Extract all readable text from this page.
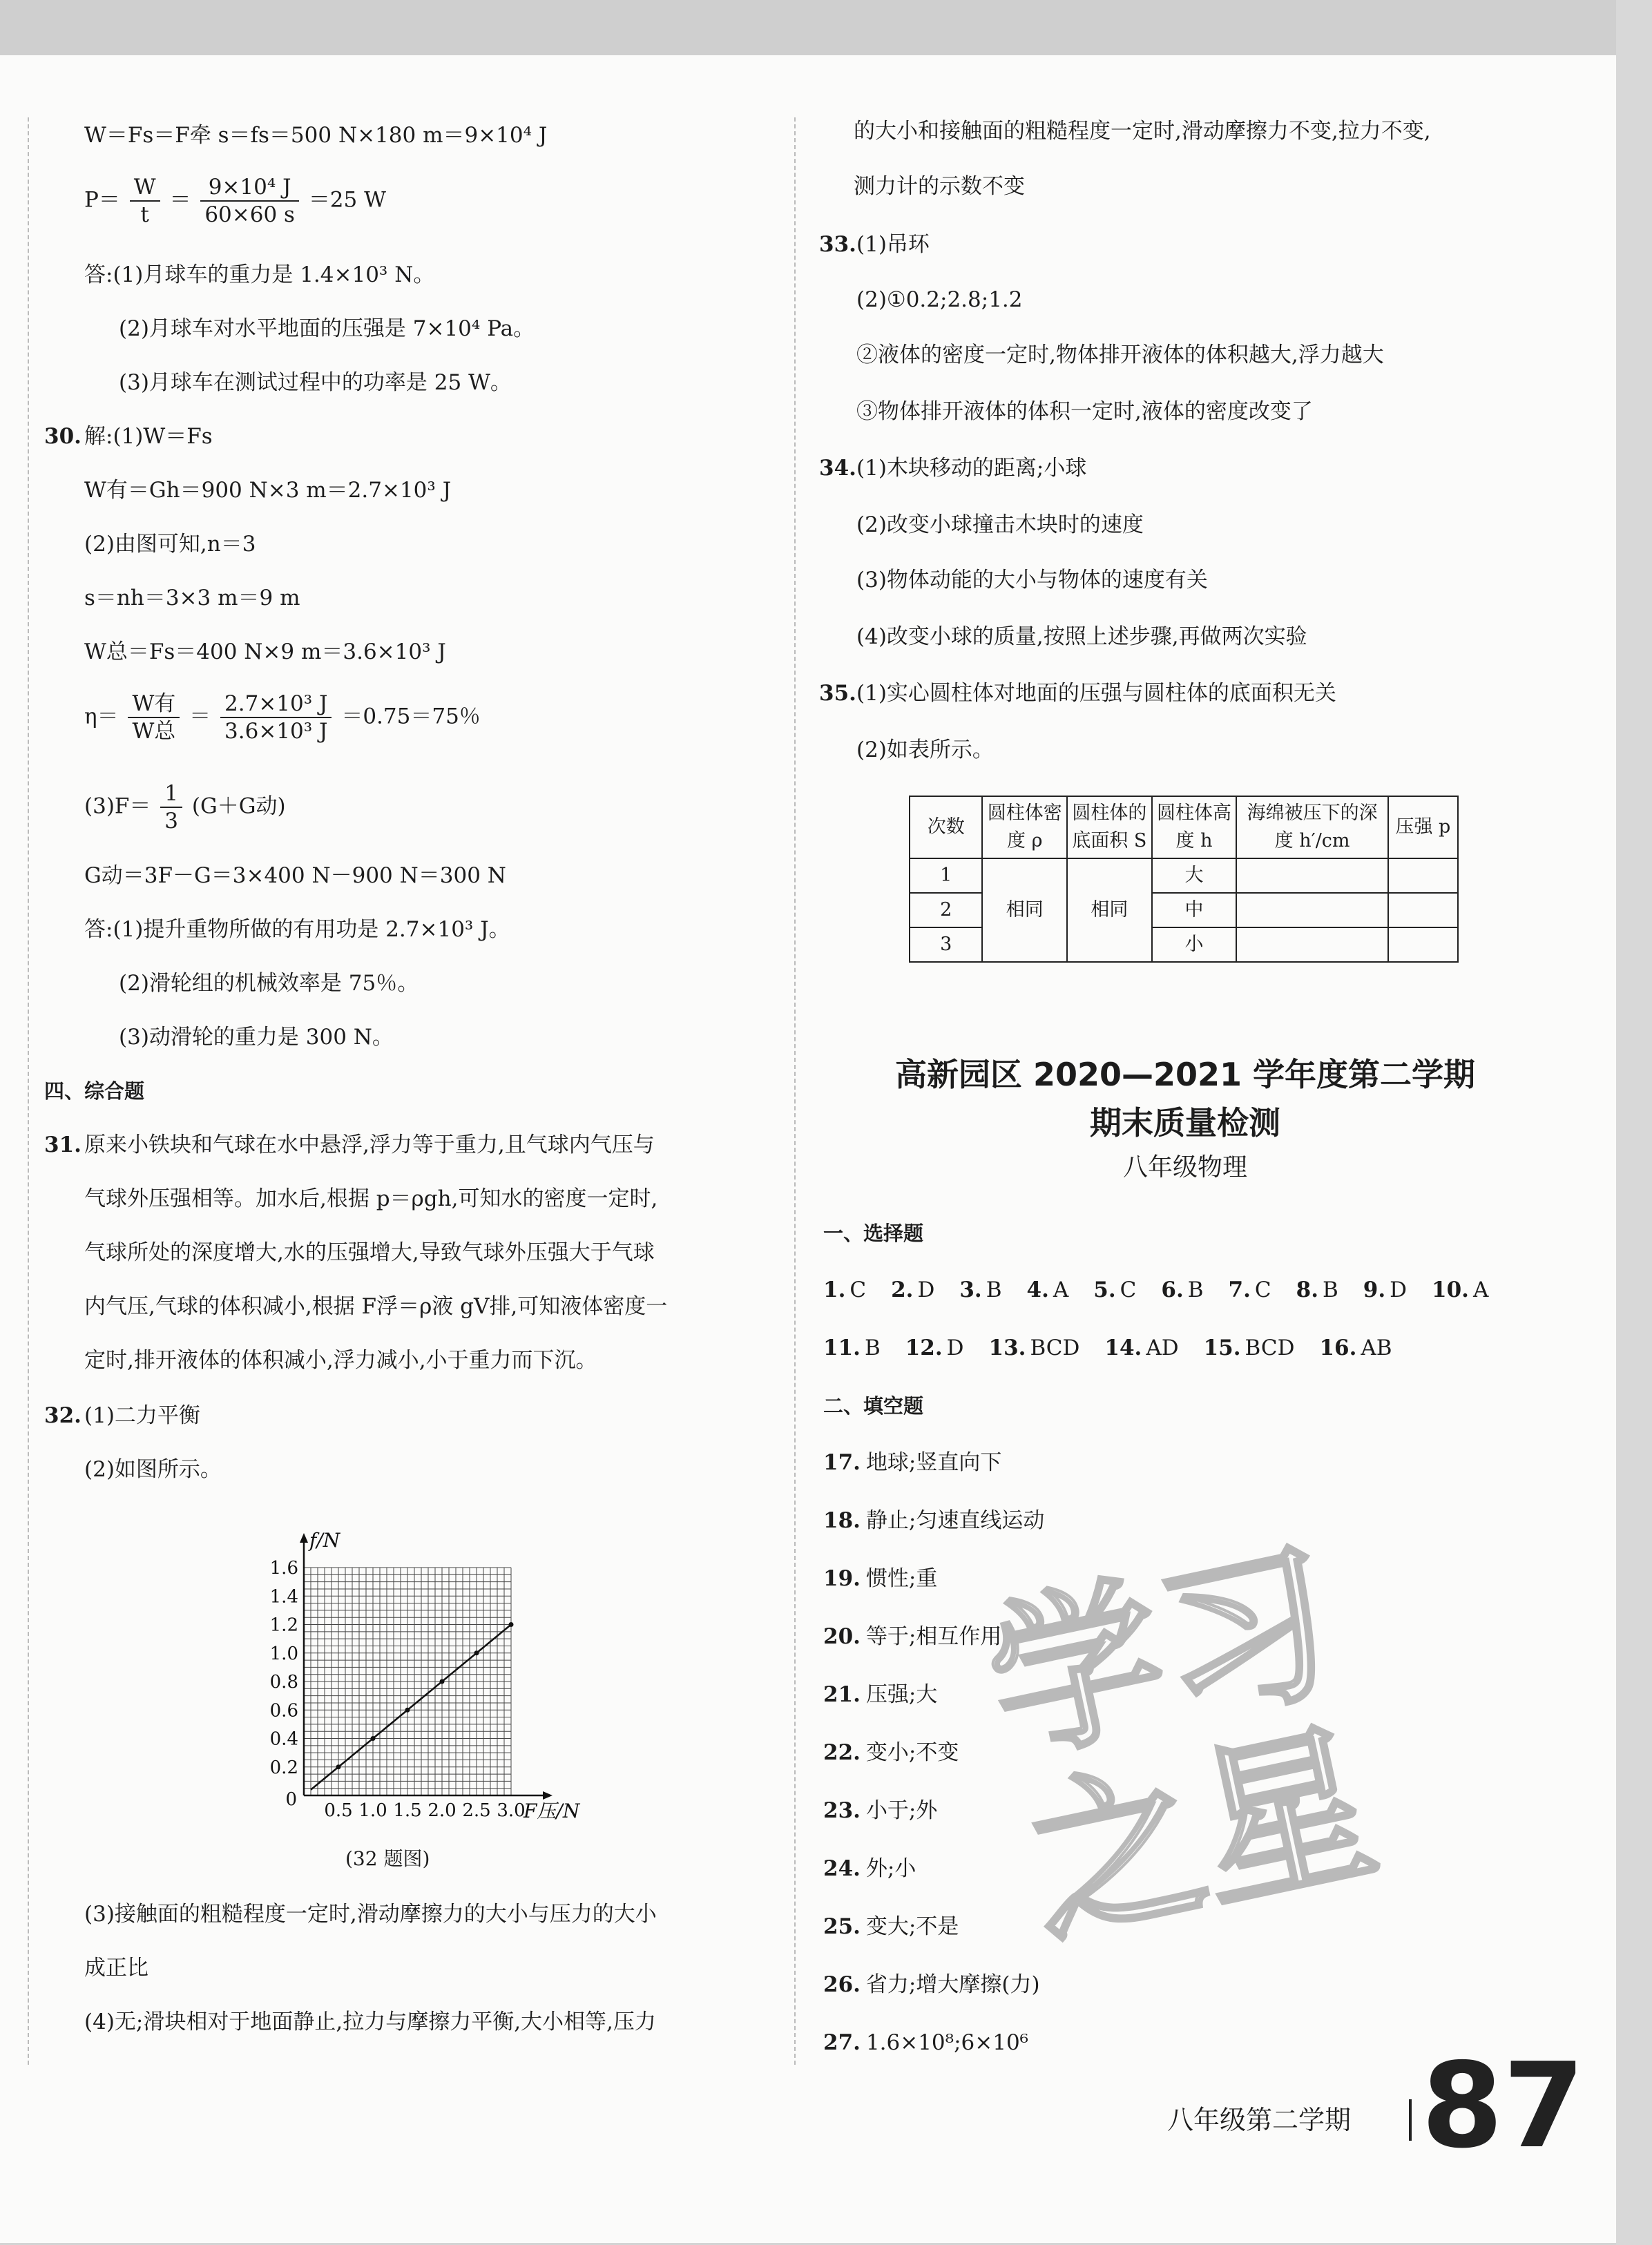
W＝Fs＝F牵 s＝fs＝500 N×180 m＝9×10⁴ J
$P= \frac{W}{t} = \frac{\text{9×10⁴ J}}{60\times 60 s} =25$ W
答:(1)月球车的重力是 1.4×10³ N。
(2)月球车对水平地面的压强是 7×10⁴ Pa。
(3)月球车在测试过程中的功率是 25 W。
30. 解:(1)W＝Fs
W有＝Gh＝900 N×3 m＝2.7×10³ J
(2)由图可知,n＝3
s＝nh＝3×3 m＝9 m
W总＝Fs＝400 N×9 m＝3.6×10³ J
$\eta= \frac{\text{W有}}{\text{W总}} = \frac{\text{2.7×10³ J}}{\text{3.6×10³ J}} =0.75=75$％
$(3)F= \frac{1}{3} (G+G$动)
G动＝3F－G＝3×400 N－900 N＝300 N
答:(1)提升重物所做的有用功是 2.7×10³ J。
(2)滑轮组的机械效率是 75％。
(3)动滑轮的重力是 300 N。
四、综合题
31. 原来小铁块和气球在水中悬浮,浮力等于重力,且气球内气压与
气球外压强相等。加水后,根据 p＝ρgh,可知水的密度一定时,
气球所处的深度增大,水的压强增大,导致气球外压强大于气球
内气压,气球的体积减小,根据 F浮＝ρ液 gV排,可知液体密度一
定时,排开液体的体积减小,浮力减小,小于重力而下沉。
32. (1)二力平衡
(2)如图所示。
0.5 1.0 1.5 2.0 2.5 3.0
0.2
0.4
0.6
0.8
1.0
1.2
1.4
1.6
0
f/N
F压/N
(32 题图)
(3)接触面的粗糙程度一定时,滑动摩擦力的大小与压力的大小
成正比
(4)无;滑块相对于地面静止,拉力与摩擦力平衡,大小相等,压力
的大小和接触面的粗糙程度一定时,滑动摩擦力不变,拉力不变,
测力计的示数不变
33. (1)吊环
(2)①0.2;2.8;1.2
②液体的密度一定时,物体排开液体的体积越大,浮力越大
③物体排开液体的体积一定时,液体的密度改变了
34. (1)木块移动的距离;小球
(2)改变小球撞击木块时的速度
(3)物体动能的大小与物体的速度有关
(4)改变小球的质量,按照上述步骤,再做两次实验
35. (1)实心圆柱体对地面的压强与圆柱体的底面积无关
(2)如表所示。
次数	圆柱体密度 ρ	圆柱体的底面积 S	圆柱体高度 h	海绵被压下的深度 h′/cm	压强 p
1	相同	相同	大		
2			中		
3			小		
高新园区 2020—2021 学年度第二学期
期末质量检测
八年级物理
一、选择题
1. C 2. D 3. B 4. A 5. C 6. B 7. C 8. B 9. D 10. A
11. B 12. D 13. BCD 14. AD 15. BCD 16. AB
二、填空题
17. 地球;竖直向下
18. 静止;匀速直线运动
19. 惯性;重
20. 等于;相互作用
21. 压强;大
22. 变小;不变
23. 小于;外
24. 外;小
25. 变大;不是
26. 省力;增大摩擦(力)
27. 1.6×10⁸;6×10⁶
学习之星
八年级第二学期 87
